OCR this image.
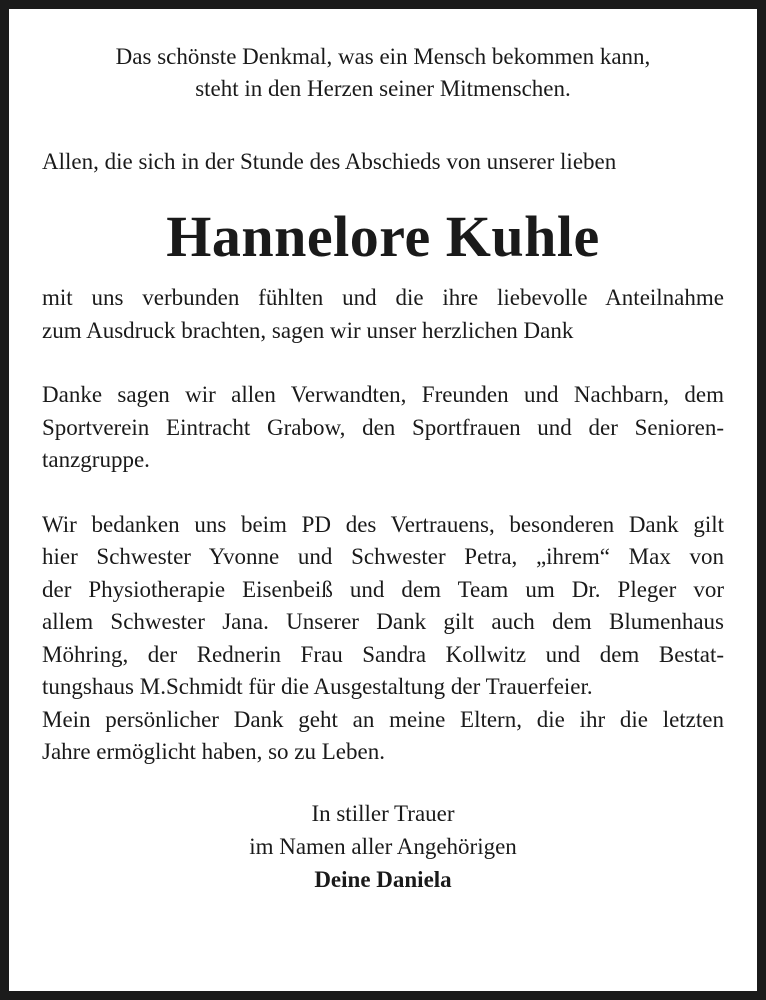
Das schönste Denkmal, was ein Mensch bekommen kann,
steht in den Herzen seiner Mitmenschen.

Allen, die sich in der Stunde des Abschieds von unserer lieben

Hannelore Kuhle
mit uns verbunden fühlten und die ihre liebevolle Anteilnahme
zum Ausdruck brachten, sagen wir unser herzlichen Dank
Danke sagen wir allen Verwandten, Freunden und Nachbarn, dem
Sportverein Eintracht Grabow, den Sportfrauen und der Senioren-
tanzgruppe.
Wir bedanken uns beim PD des Vertrauens, besonderen Dank gilt
hier Schwester Yvonne und Schwester Petra, „ihrem“ Max von
der Physiotherapie Eisenbeiß und dem Team um Dr. Pleger vor
allem Schwester Jana. Unserer Dank gilt auch dem Blumenhaus
Möhring, der Rednerin Frau Sandra Kollwitz und dem Bestat-
tungshaus M.Schmidt für die Ausgestaltung der Trauerfeier.
Mein persönlicher Dank geht an meine Eltern, die ihr die letzten
Jahre ermöglicht haben, so zu Leben.
In stiller Trauer
im Namen aller Angehörigen
Deine Daniela
